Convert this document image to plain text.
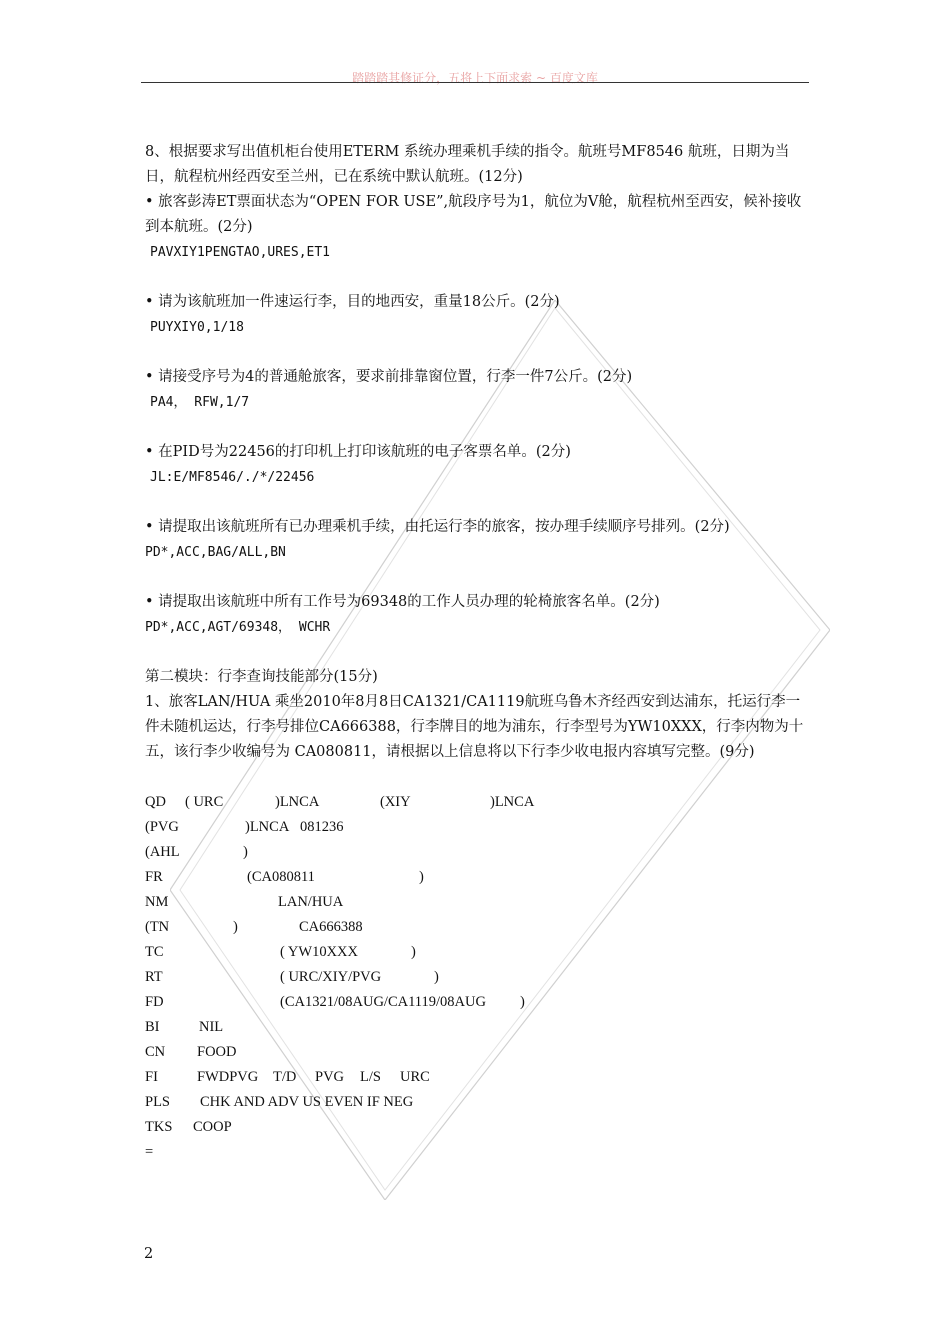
踏踏踏其修证分，五将上下面求索 ~ 百度文库

8、根据要求写出值机柜台使用ETERM 系统办理乘机手续的指令。航班号MF8546 航班，日期为当日，航程杭州经西安至兰州，已在系统中默认航班。(12分)

• 旅客彭涛ET票面状态为“OPEN FOR USE”,航段序号为1，航位为V舱，航程杭州至西安，候补接收到本航班。(2分)

PAVXIY1PENGTAO,URES,ET1

• 请为该航班加一件速运行李，目的地西安，重量18公斤。(2分)

PUYXIY0,1/18

• 请接受序号为4的普通舱旅客，要求前排靠窗位置，行李一件7公斤。(2分)

PA4， RFW,1/7

• 在PID号为22456的打印机上打印该航班的电子客票名单。(2分)

JL:E/MF8546/./*/22456

• 请提取出该航班所有已办理乘机手续，由托运行李的旅客，按办理手续顺序号排列。(2分)

PD*,ACC,BAG/ALL,BN

• 请提取出该航班中所有工作号为69348的工作人员办理的轮椅旅客名单。(2分)

PD*,ACC,AGT/69348， WCHR

第二模块：行李查询技能部分(15分)

1、旅客LAN/HUA 乘坐2010年8月8日CA1321/CA1119航班乌鲁木齐经西安到达浦东，托运行李一件未随机运达，行李号排位CA666388，行李牌目的地为浦东，行李型号为YW10XXX，行李内物为十五，该行李少收编号为 CA080811，请根据以上信息将以下行李少收电报内容填写完整。(9分)

QD	( URC	)LNCA	(XIY	)LNCA
(PVG	)LNCA 081236
(AHL	)
FR	(CA080811	)
NM	LAN/HUA
(TN	)	CA666388
TC	( YW10XXX	)
RT	( URC/XIY/PVG	)
FD	(CA1321/08AUG/CA1119/08AUG	)
BI	NIL
CN	FOOD
FI	FWDPVG	T/D	PVG	L/S	URC
PLS	CHK AND ADV US EVEN IF NEG
TKS	COOP
=
2
